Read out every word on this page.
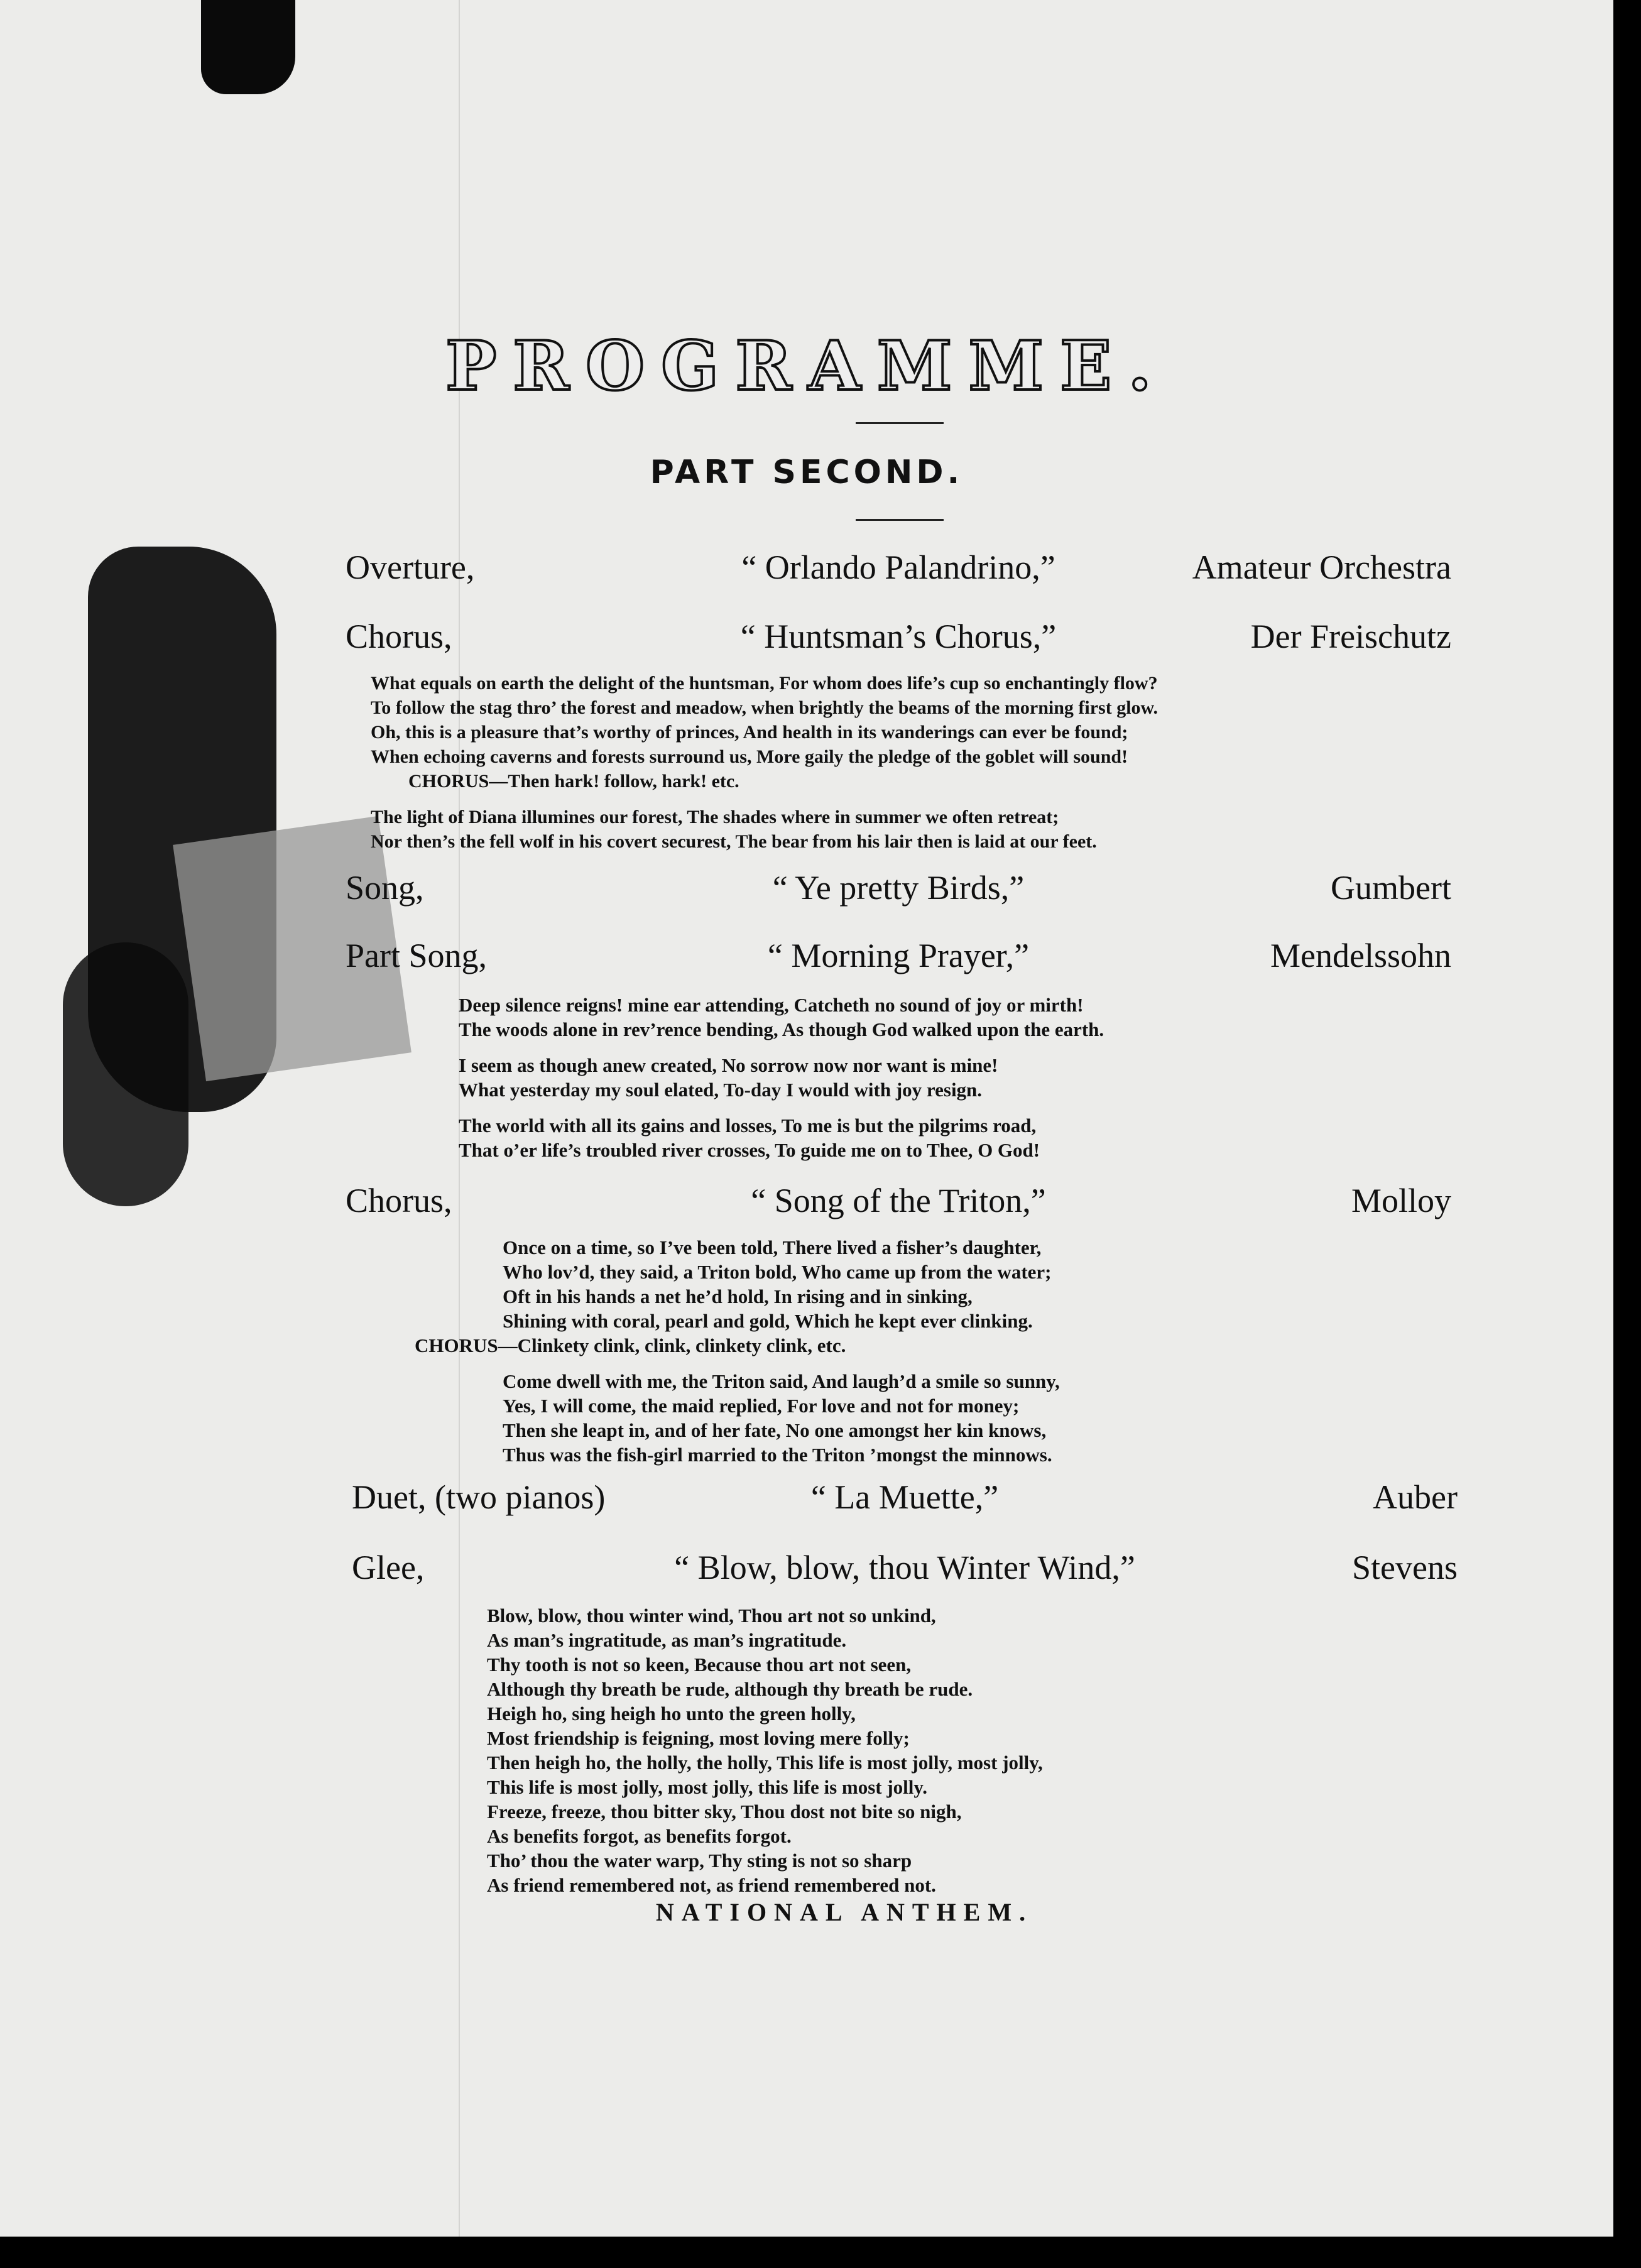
PROGRAMME.
PART SECOND.
Overture,	“ Orlando Palandrino,”	Amateur Orchestra
Chorus,	“ Huntsman’s Chorus,”	Der Freischutz
What equals on earth the delight of the huntsman, For whom does life’s cup so enchantingly flow?
To follow the stag thro’ the forest and meadow, when brightly the beams of the morning first glow.
Oh, this is a pleasure that’s worthy of princes, And health in its wanderings can ever be found;
When echoing caverns and forests surround us, More gaily the pledge of the goblet will sound!
CHORUS—Then hark! follow, hark! etc.
The light of Diana illumines our forest, The shades where in summer we often retreat;
Nor then’s the fell wolf in his covert securest, The bear from his lair then is laid at our feet.
Song,	“ Ye pretty Birds,”	Gumbert
Part Song,	“ Morning Prayer,”	Mendelssohn
Deep silence reigns! mine ear attending, Catcheth no sound of joy or mirth!
The woods alone in rev’rence bending, As though God walked upon the earth.
I seem as though anew created, No sorrow now nor want is mine!
What yesterday my soul elated, To-day I would with joy resign.
The world with all its gains and losses, To me is but the pilgrims road,
That o’er life’s troubled river crosses, To guide me on to Thee, O God!
Chorus,	“ Song of the Triton,”	Molloy
Once on a time, so I’ve been told, There lived a fisher’s daughter,
Who lov’d, they said, a Triton bold, Who came up from the water;
Oft in his hands a net he’d hold, In rising and in sinking,
Shining with coral, pearl and gold, Which he kept ever clinking.
CHORUS—Clinkety clink, clink, clinkety clink, etc.
Come dwell with me, the Triton said, And laugh’d a smile so sunny,
Yes, I will come, the maid replied, For love and not for money;
Then she leapt in, and of her fate, No one amongst her kin knows,
Thus was the fish-girl married to the Triton ’mongst the minnows.
Duet, (two pianos)	“ La Muette,”	Auber
Glee,	“ Blow, blow, thou Winter Wind,”	Stevens
Blow, blow, thou winter wind, Thou art not so unkind,
As man’s ingratitude, as man’s ingratitude.
Thy tooth is not so keen, Because thou art not seen,
Although thy breath be rude, although thy breath be rude.
Heigh ho, sing heigh ho unto the green holly,
Most friendship is feigning, most loving mere folly;
Then heigh ho, the holly, the holly, This life is most jolly, most jolly,
This life is most jolly, most jolly, this life is most jolly.
Freeze, freeze, thou bitter sky, Thou dost not bite so nigh,
As benefits forgot, as benefits forgot.
Tho’ thou the water warp, Thy sting is not so sharp
As friend remembered not, as friend remembered not.
NATIONAL ANTHEM.
